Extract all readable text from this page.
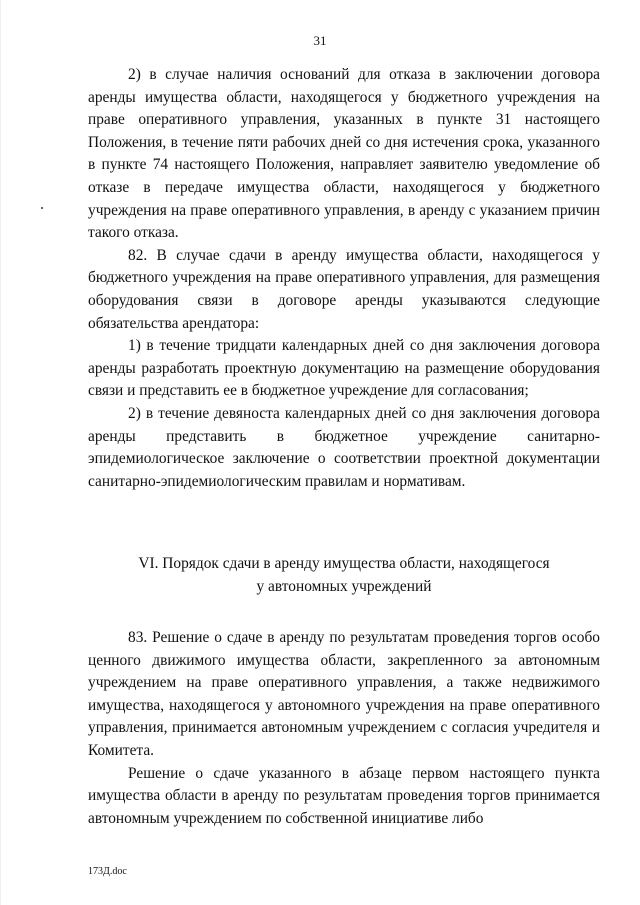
31

2) в случае наличия оснований для отказа в заключении договора аренды имущества области, находящегося у бюджетного учреждения на праве оперативного управления, указанных в пункте 31 настоящего Положения, в течение пяти рабочих дней со дня истечения срока, указанного в пункте 74 настоящего Положения, направляет заявителю уведомление об отказе в передаче имущества области, находящегося у бюджетного учреждения на праве оперативного управления, в аренду с указанием причин такого отказа.

82. В случае сдачи в аренду имущества области, находящегося у бюджетного учреждения на праве оперативного управления, для размещения оборудования связи в договоре аренды указываются следующие обязательства арендатора:

1) в течение тридцати календарных дней со дня заключения договора аренды разработать проектную документацию на размещение оборудования связи и представить ее в бюджетное учреждение для согласования;

2) в течение девяноста календарных дней со дня заключения договора аренды представить в бюджетное учреждение санитарно-эпидемиологическое заключение о соответствии проектной документации санитарно-эпидемиологическим правилам и нормативам.

VI. Порядок сдачи в аренду имущества области, находящегося
у автономных учреждений

83. Решение о сдаче в аренду по результатам проведения торгов особо ценного движимого имущества области, закрепленного за автономным учреждением на праве оперативного управления, а также недвижимого имущества, находящегося у автономного учреждения на праве оперативного управления, принимается автономным учреждением с согласия учредителя и Комитета.

Решение о сдаче указанного в абзаце первом настоящего пункта имущества области в аренду по результатам проведения торгов принимается автономным учреждением по собственной инициативе либо

173Д.doc
